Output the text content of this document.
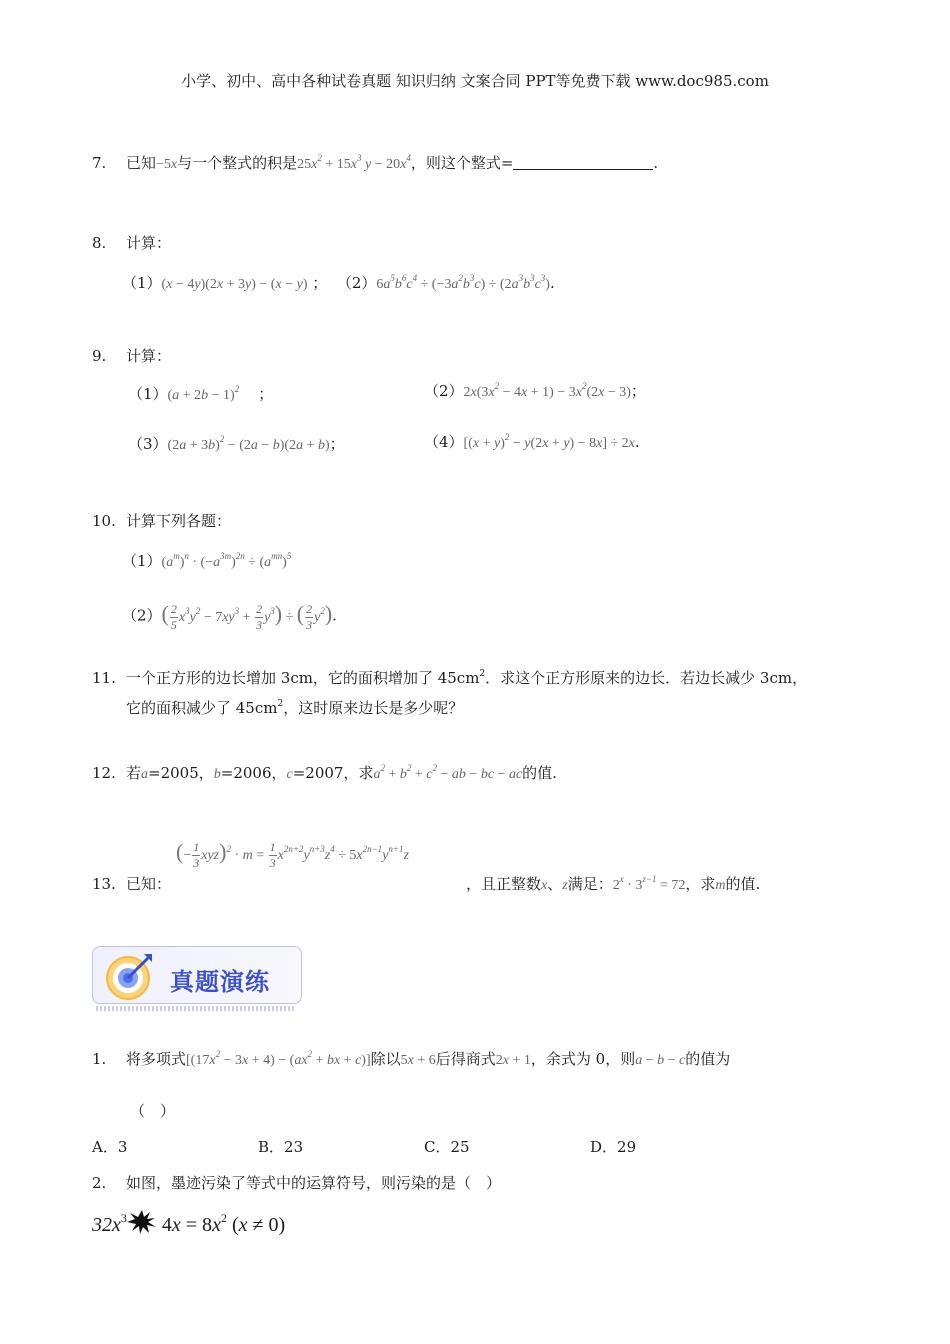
小学、初中、高中各种试卷真题 知识归纳 文案合同 PPT等免费下载 www.doc985.com
7. 已知−5x与一个整式的积是$25x^2 + 15x^3$ $y - 20x^4$，则这个整式=	.
8. 计算：
（1）(x − 4y)(2x + 3y) − (x − y) ； $(2)6a^5b^6c^4 \div (-3a^2b^3c) \div (2a^3b^3c^3)$.
9. 计算：
$(1)(a + 2b - 1)^2$ ；	$(2)2x(3x^2 - 4x + 1) - 3x^2(2x - 3)$；
$(3)(2a + 3b)^2 - (2a - b)(2a + b)$；	$(4)[(x + y)^2 - y(2x + y) - 8x] \div 2x$.
10. 计算下列各题：
$(1)(a^m)^n \cdot (-a^{3m})^{2n} \div (a^{mn})^5$
$(2)( \frac{2}{5} x^3y^2 - 7xy^3 + \frac{2}{3} y^3)$ ÷ ( $\frac{2}{3} y^2$).
11. 一个正方形的边长增加 3cm，它的面积增加了 $45cm^2$．求这个正方形原来的边长．若边长减少 3cm，
它的面积减少了 $45cm^2$，这时原来边长是多少呢？
12. 若a=2005，b=2006，c=2007，求$a^2 + b^2 + c^2$ − ab − bc − ac的值.
(− $\frac{1}{3} xyz)^2 \cdot m = \frac{1}{3} x^{2n+2}y^{n+3}z^4 \div 5x^{2n-1}y^{n+1}z$
13. 已知：	，且正整数x、z满足：$2^x \cdot 3^{z-1} = 72$，求m的值.
真题演练
1. 将多项式[$(17x^2 - 3x + 4) - (ax^2$ + bx + c)]除以5x + 6后得商式2x + 1，余式为 0，则a − b − c的值为
（　）
A．3	B．23	C．25	D．29
2. 如图，墨迹污染了等式中的运算符号，则污染的是（　）
$32x^3$ $4x = 8x^2$ (x ≠ 0)
